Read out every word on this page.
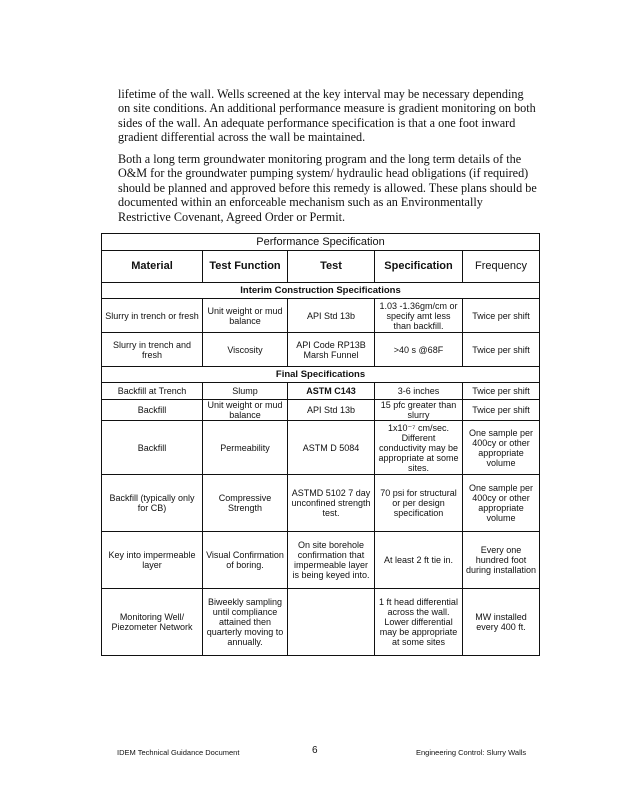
lifetime of the wall. Wells screened at the key interval may be necessary depending on site conditions. An additional performance measure is gradient monitoring on both sides of the wall. An adequate performance specification is that a one foot inward gradient differential across the wall be maintained.
Both a long term groundwater monitoring program and the long term details of the O&M for the groundwater pumping system/ hydraulic head obligations (if required) should be planned and approved before this remedy is allowed. These plans should be documented within an enforceable mechanism such as an Environmentally Restrictive Covenant, Agreed Order or Permit.
Performance Specification				
Material	Test Function	Test	Specification	Frequency
Interim Construction Specifications				
Slurry in trench or fresh	Unit weight or mud balance	API Std 13b	1.03 -1.36gm/cm or specify amt less than backfill.	Twice per shift
Slurry in trench and fresh	Viscosity	API Code RP13B Marsh Funnel	>40 s @68F	Twice per shift
Final Specifications				
Backfill at Trench	Slump	ASTM C143	3-6 inches	Twice per shift
Backfill	Unit weight or mud balance	API Std 13b	15 pfc greater than slurry	Twice per shift
Backfill	Permeability	ASTM D 5084	1x10⁻⁷ cm/sec. Different conductivity may be appropriate at some sites.	One sample per 400cy or other appropriate volume
Backfill (typically only for CB)	Compressive Strength	ASTMD 5102 7 day unconfined strength test.	70 psi for structural or per design specification	One sample per 400cy or other appropriate volume
Key into impermeable layer	Visual Confirmation of boring.	On site borehole confirmation that impermeable layer is being keyed into.	At least 2 ft tie in.	Every one hundred foot during installation
Monitoring Well/ Piezometer Network	Biweekly sampling until compliance attained then quarterly moving to annually.		1 ft head differential across the wall. Lower differential may be appropriate at some sites	MW installed every 400 ft.
IDEM Technical Guidance Document	6	Engineering Control: Slurry Walls
